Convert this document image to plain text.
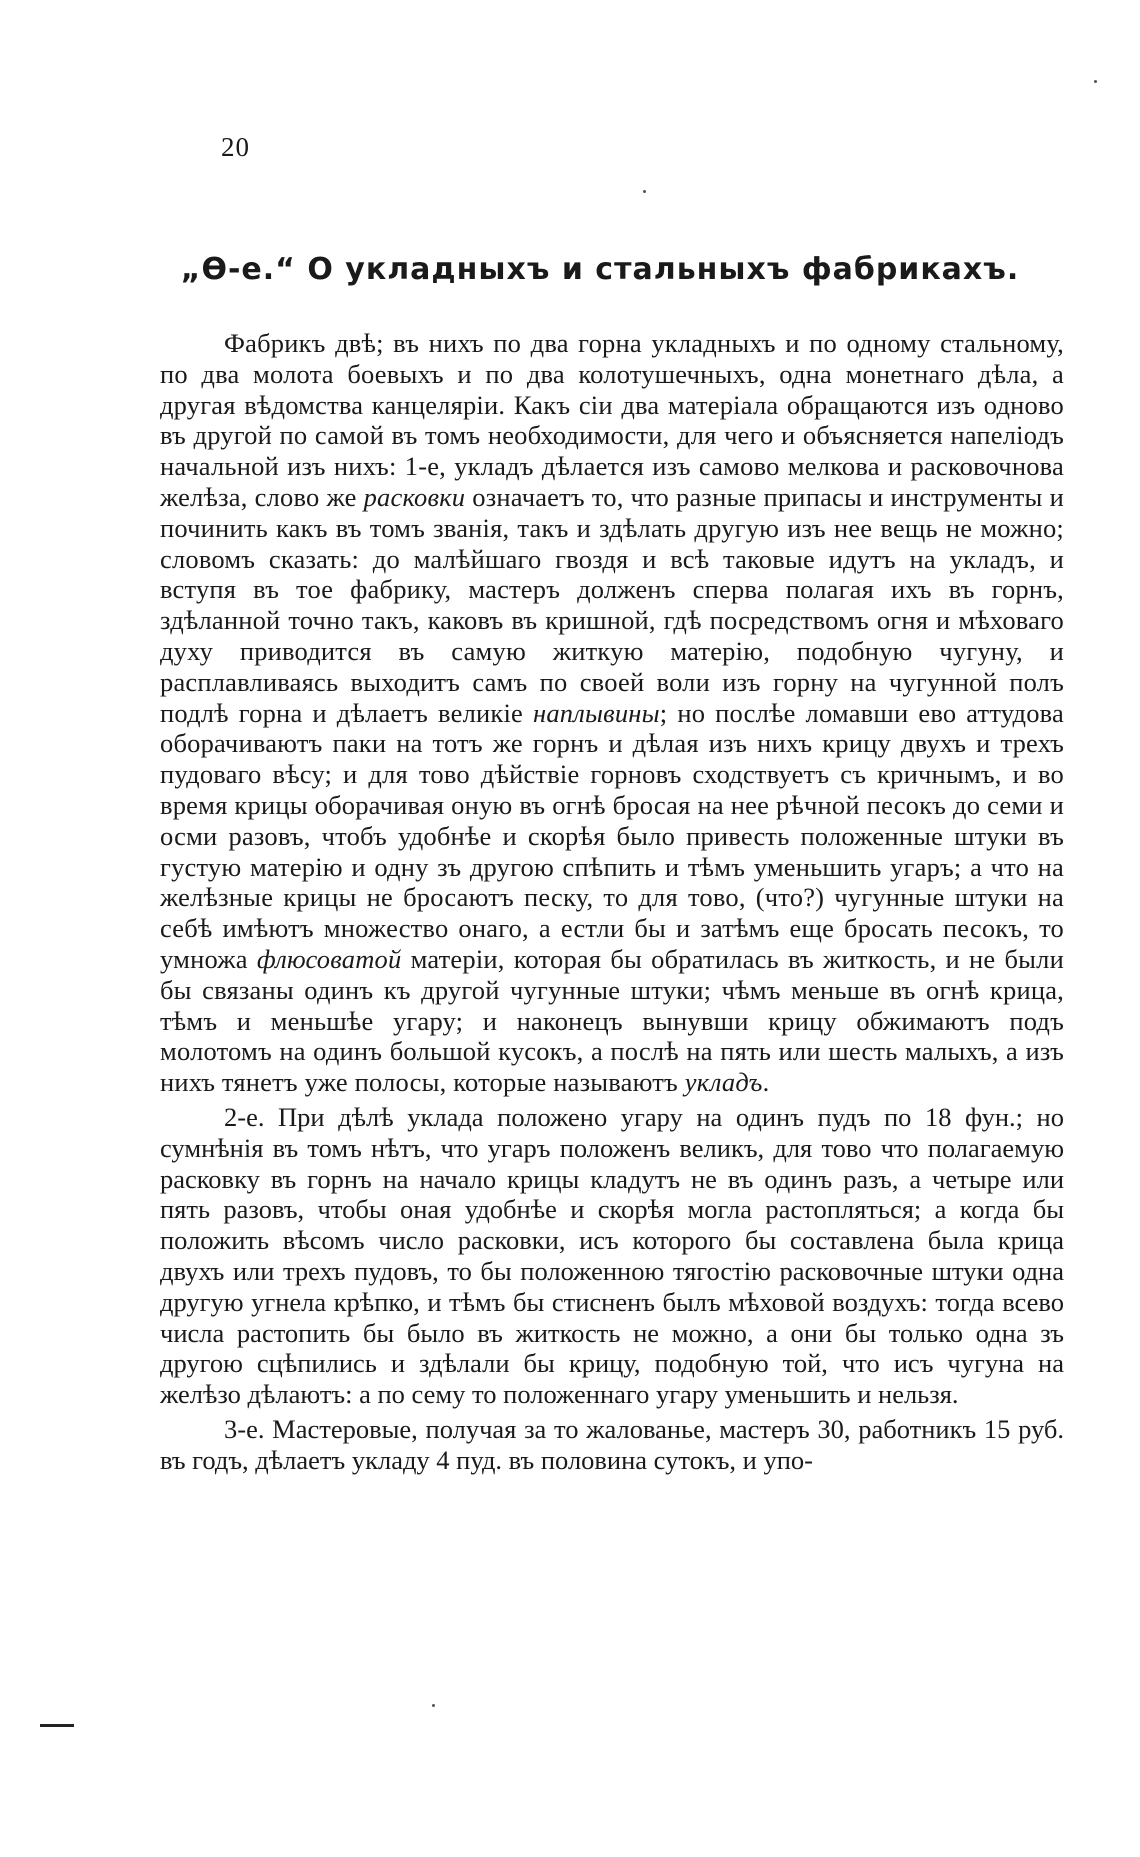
20
„Ѳ-е.“ О укладныхъ и стальныхъ фабрикахъ.

Фабрикъ двѣ; въ нихъ по два горна укладныхъ и по одному стальному, по два молота боевыхъ и по два колотушечныхъ, одна монетнаго дѣла, а другая вѣдомства канцеляріи. Какъ сіи два матеріала обращаются изъ одново въ другой по самой въ томъ необходимости, для чего и объясняется напеліодъ начальной изъ нихъ: 1-е, укладъ дѣлается изъ самово мелкова и расковочнова желѣза, слово же расковки означаетъ то, что разные припасы и инструменты и починить какъ въ томъ званія, такъ и здѣлать другую изъ нее вещь не можно; словомъ сказать: до малѣйшаго гвоздя и всѣ таковые идутъ на укладъ, и вступя въ тое фабрику, мастеръ долженъ сперва полагая ихъ въ горнъ, здѣланной точно такъ, каковъ въ кришной, гдѣ посредствомъ огня и мѣховаго духу приводится въ самую житкую матерію, подобную чугуну, и расплавливаясь выходитъ самъ по своей воли изъ горну на чугунной полъ подлѣ горна и дѣлаетъ великіе наплывины; но послѣе ломавши ево аттудова оборачиваютъ паки на тотъ же горнъ и дѣлая изъ нихъ крицу двухъ и трехъ пудоваго вѣсу; и для тово дѣйствіе горновъ сходствуетъ съ кричнымъ, и во время крицы оборачивая оную въ огнѣ бросая на нее рѣчной песокъ до семи и осми разовъ, чтобъ удобнѣе и скорѣя было привесть положенные штуки въ густую матерію и одну зъ другою спѣпить и тѣмъ уменьшить угаръ; а что на желѣзные крицы не бросаютъ песку, то для тово, (что?) чугунные штуки на себѣ имѣютъ множество онаго, а естли бы и затѣмъ еще бросать песокъ, то умножа флюсоватой матеріи, которая бы обратилась въ житкость, и не были бы связаны одинъ къ другой чугунные штуки; чѣмъ меньше въ огнѣ крица, тѣмъ и меньшѣе угару; и наконецъ вынувши крицу обжимаютъ подъ молотомъ на одинъ большой кусокъ, а послѣ на пять или шесть малыхъ, а изъ нихъ тянетъ уже полосы, которые называютъ укладъ.

2-е. При дѣлѣ уклада положено угару на одинъ пудъ по 18 фун.; но сумнѣнія въ томъ нѣтъ, что угаръ положенъ великъ, для тово что полагаемую расковку въ горнъ на начало крицы кладутъ не въ одинъ разъ, а четыре или пять разовъ, чтобы оная удобнѣе и скорѣя могла растопляться; а когда бы положить вѣсомъ число расковки, исъ которого бы составлена была крица двухъ или трехъ пудовъ, то бы положенною тягостію расковочные штуки одна другую угнела крѣпко, и тѣмъ бы стисненъ былъ мѣховой воздухъ: тогда всево числа растопить бы было въ житкость не можно, а они бы только одна зъ другою сцѣпились и здѣлали бы крицу, подобную той, что исъ чугуна на желѣзо дѣлаютъ: а по сему то положеннаго угару уменьшить и нельзя.

3-е. Мастеровые, получая за то жалованье, мастеръ 30, работникъ 15 руб. въ годъ, дѣлаетъ укладу 4 пуд. въ половина сутокъ, и упо-
